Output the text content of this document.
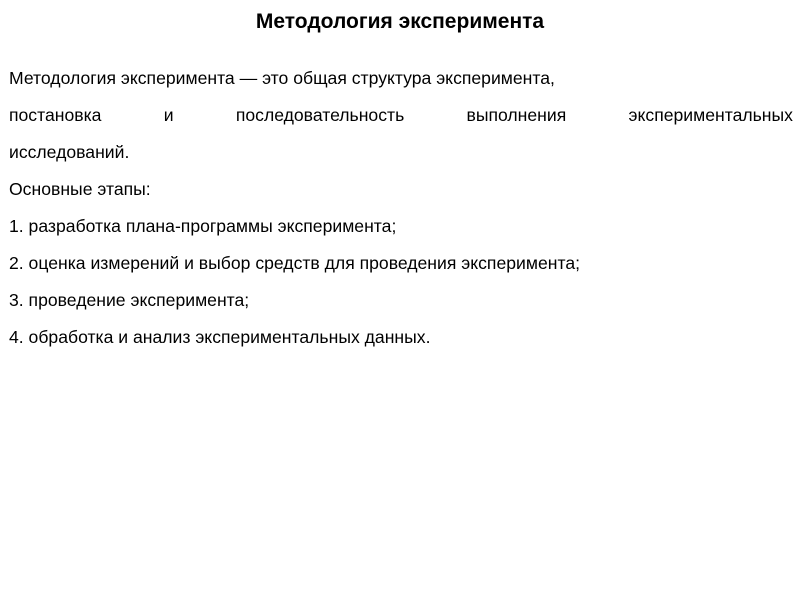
Методология эксперимента
Методология эксперимента — это общая структура эксперимента,
постановка	и	последовательность	выполнения	экспериментальных
исследований.
Основные этапы:
1. разработка плана-программы эксперимента;
2. оценка измерений и выбор средств для проведения эксперимента;
3. проведение эксперимента;
4. обработка и анализ экспериментальных данных.
